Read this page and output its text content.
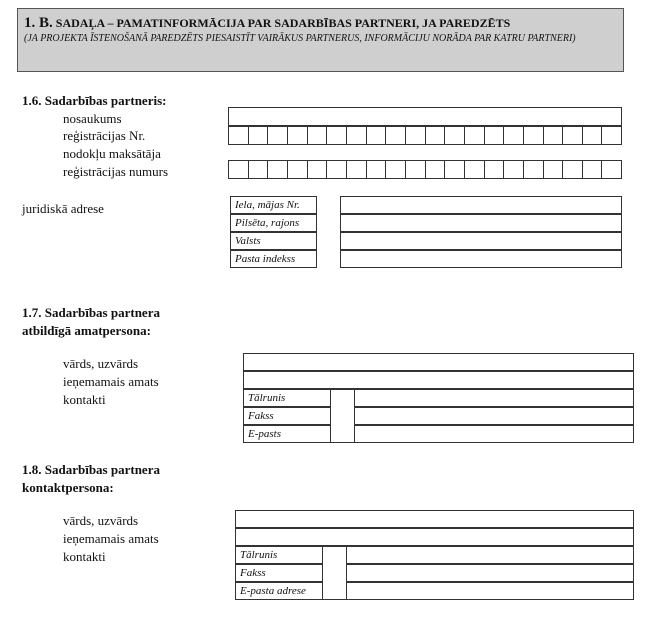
1. B. SADAĻA – PAMATINFORMĀCIJA PAR SADARBĪBAS PARTNERI, JA PAREDZĒTS
(JA PROJEKTA ĪSTENOŠANĀ PAREDZĒTS PIESAISTĪT VAIRĀKUS PARTNERUS, INFORMĀCIJU NORĀDA PAR KATRU PARTNERI)
1.6. Sadarbības partneris:
nosaukums
reģistrācijas Nr.
nodokļu maksātāja
reģistrācijas numurs
juridiskā adrese	Iela, mājas Nr.
Pilsēta, rajons
Valsts
Pasta indekss
1.7. Sadarbības partnera
atbildīgā amatpersona:
vārds, uzvārds
ieņemamais amats
kontakti	Tālrunis
Fakss
E-pasts
1.8. Sadarbības partnera
kontaktpersona:
vārds, uzvārds
ieņemamais amats
kontakti	Tālrunis
Fakss
E-pasta adrese
